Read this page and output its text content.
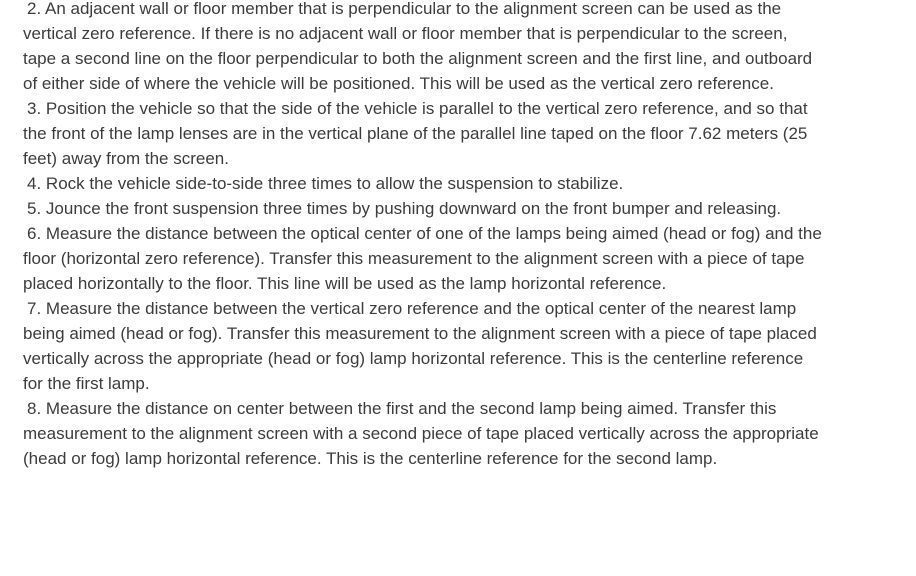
2. An adjacent wall or floor member that is perpendicular to the alignment screen can be used as the vertical zero reference. If there is no adjacent wall or floor member that is perpendicular to the screen, tape a second line on the floor perpendicular to both the alignment screen and the first line, and outboard of either side of where the vehicle will be positioned. This will be used as the vertical zero reference.
3. Position the vehicle so that the side of the vehicle is parallel to the vertical zero reference, and so that the front of the lamp lenses are in the vertical plane of the parallel line taped on the floor 7.62 meters (25 feet) away from the screen.
4. Rock the vehicle side-to-side three times to allow the suspension to stabilize.
5. Jounce the front suspension three times by pushing downward on the front bumper and releasing.
6. Measure the distance between the optical center of one of the lamps being aimed (head or fog) and the floor (horizontal zero reference). Transfer this measurement to the alignment screen with a piece of tape placed horizontally to the floor. This line will be used as the lamp horizontal reference.
7. Measure the distance between the vertical zero reference and the optical center of the nearest lamp being aimed (head or fog). Transfer this measurement to the alignment screen with a piece of tape placed vertically across the appropriate (head or fog) lamp horizontal reference. This is the centerline reference for the first lamp.
8. Measure the distance on center between the first and the second lamp being aimed. Transfer this measurement to the alignment screen with a second piece of tape placed vertically across the appropriate (head or fog) lamp horizontal reference. This is the centerline reference for the second lamp.
